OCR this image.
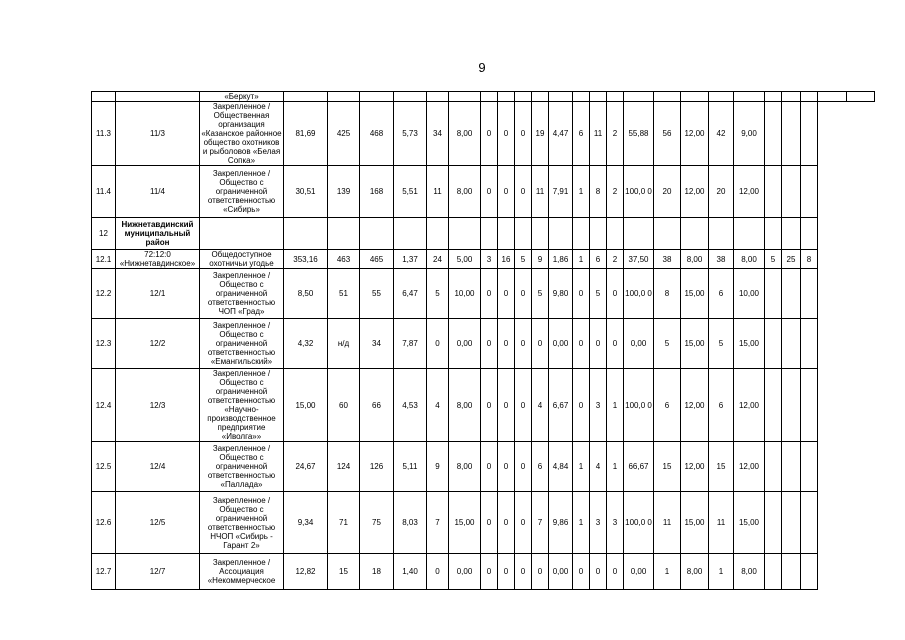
9
		«Беркут»																								
11.3	11/3	Закрепленное / Общественная организация «Казанское районное общество охотников и рыболовов «Белая Сопка»	81,69	425	468	5,73	34	8,00	0	0	0	19	4,47	6	11	2	55,88	56	12,00	42	9,00					
11.4	11/4	Закрепленное / Общество с ограниченной ответственностью «Сибирь»	30,51	139	168	5,51	11	8,00	0	0	0	11	7,91	1	8	2	100,0 0	20	12,00	20	12,00					
12	Нижнетавдинский муниципальный район																									
12.1	72:12:0 «Нижнетавдинское»	Общедоступное охотничьи угодье	353,16	463	465	1,37	24	5,00	3	16	5	9	1,86	1	6	2	37,50	38	8,00	38	8,00	5	25	8		
12.2	12/1	Закрепленное / Общество с ограниченной ответственностью ЧОП «Град»	8,50	51	55	6,47	5	10,00	0	0	0	5	9,80	0	5	0	100,0 0	8	15,00	6	10,00					
12.3	12/2	Закрепленное / Общество с ограниченной ответственностью «Емангильский»	4,32	н/д	34	7,87	0	0,00	0	0	0	0	0,00	0	0	0	0,00	5	15,00	5	15,00					
12.4	12/3	Закрепленное / Общество с ограниченной ответственностью «Научно- производственное предприятие «Иволга»»	15,00	60	66	4,53	4	8,00	0	0	0	4	6,67	0	3	1	100,0 0	6	12,00	6	12,00					
12.5	12/4	Закрепленное / Общество с ограниченной ответственностью «Паллада»	24,67	124	126	5,11	9	8,00	0	0	0	6	4,84	1	4	1	66,67	15	12,00	15	12,00					
12.6	12/5	Закрепленное / Общество с ограниченной ответственностью НЧОП «Сибирь - Гарант 2»	9,34	71	75	8,03	7	15,00	0	0	0	7	9,86	1	3	3	100,0 0	11	15,00	11	15,00					
12.7	12/7	Закрепленное / Ассоциация «Некоммерческое	12,82	15	18	1,40	0	0,00	0	0	0	0	0,00	0	0	0	0,00	1	8,00	1	8,00					
